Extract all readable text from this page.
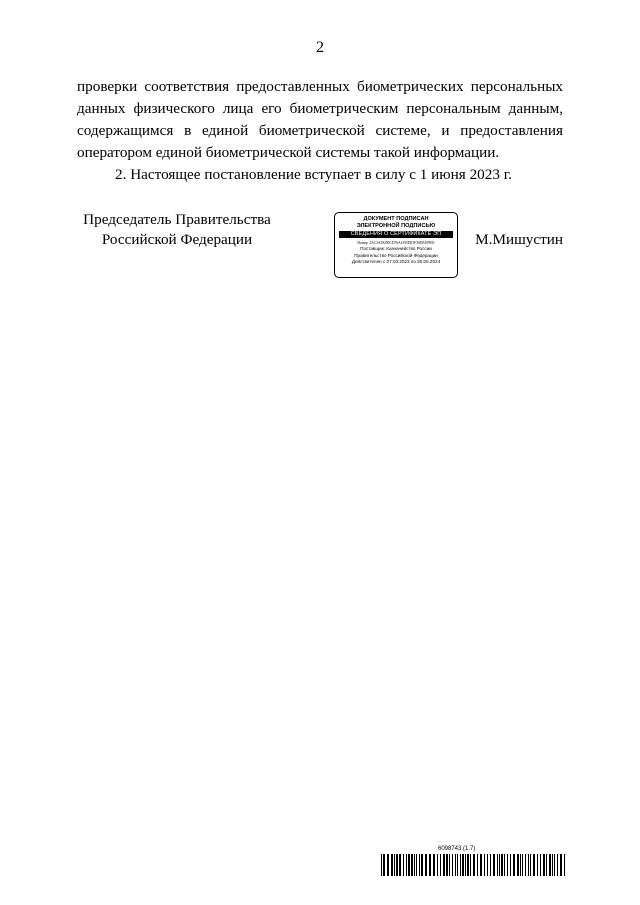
2

проверки соответствия предоставленных биометрических персональных данных физического лица его биометрическим персональным данным, содержащимся в единой биометрической системе, и предоставления оператором единой биометрической системы такой информации.

2. Настоящее постановление вступает в силу с 1 июня 2023 г.

Председатель Правительства
Российской Федерации
ДОКУМЕНТ ПОДПИСАН
ЭЛЕКТРОННОЙ ПОДПИСЬЮ
СВЕДЕНИЯ О СЕРТИФИКАТЕ ЭП
Номер: 2AC3A29290CD76A4195DF3F3SEB1F8EE
Поставщик: Казначейство России
Правительство Российской Федерации
Действителен с 07.03.2023 по 30.05.2024
М.Мишустин
6098743 (1.7)
